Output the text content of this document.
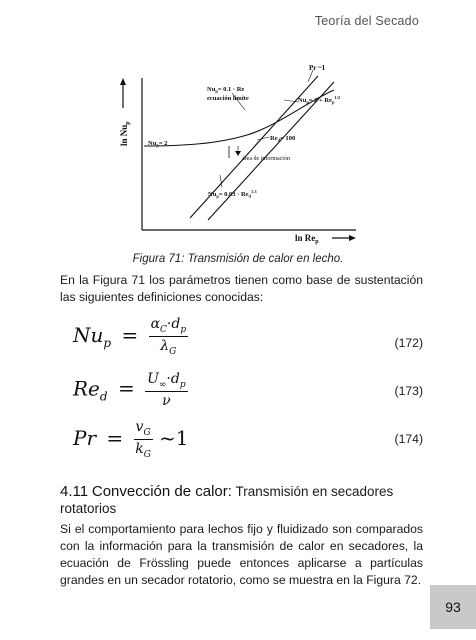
Teoría del Secado
$\ln Nu_p$
$\ln Re_p$
Pr ~1
$Nu_p= 0.1 \cdot Re$
ecuación límite	$Nu_p= 2 + Re_p^{1/2}$
$Nu_p= 2$
$Re_d= 100$
área de información
$Nu_p= 0.03 \cdot Re_d^{1.3}$
Figura 71: Transmisión de calor en lecho.
En la Figura 71 los parámetros tienen como base de sustentación las siguientes definiciones conocidas:
$Nu_p = \frac{\alpha_C\cdot d_p}{\lambda_G}$	(172)
$Re_d = \frac{U_\infty\cdot d_p}{\nu}$	(173)
$Pr = \frac{v_G}{k_G}$ ~1	(174)
4.11 Convección de calor: Transmisión en secadores rotatorios
Si el comportamiento para lechos fijo y fluidizado son comparados con la información para la transmisión de calor en secadores, la ecuación de Frössling puede entonces aplicarse a partículas grandes en un secador rotatorio, como se muestra en la Figura 72.
93
